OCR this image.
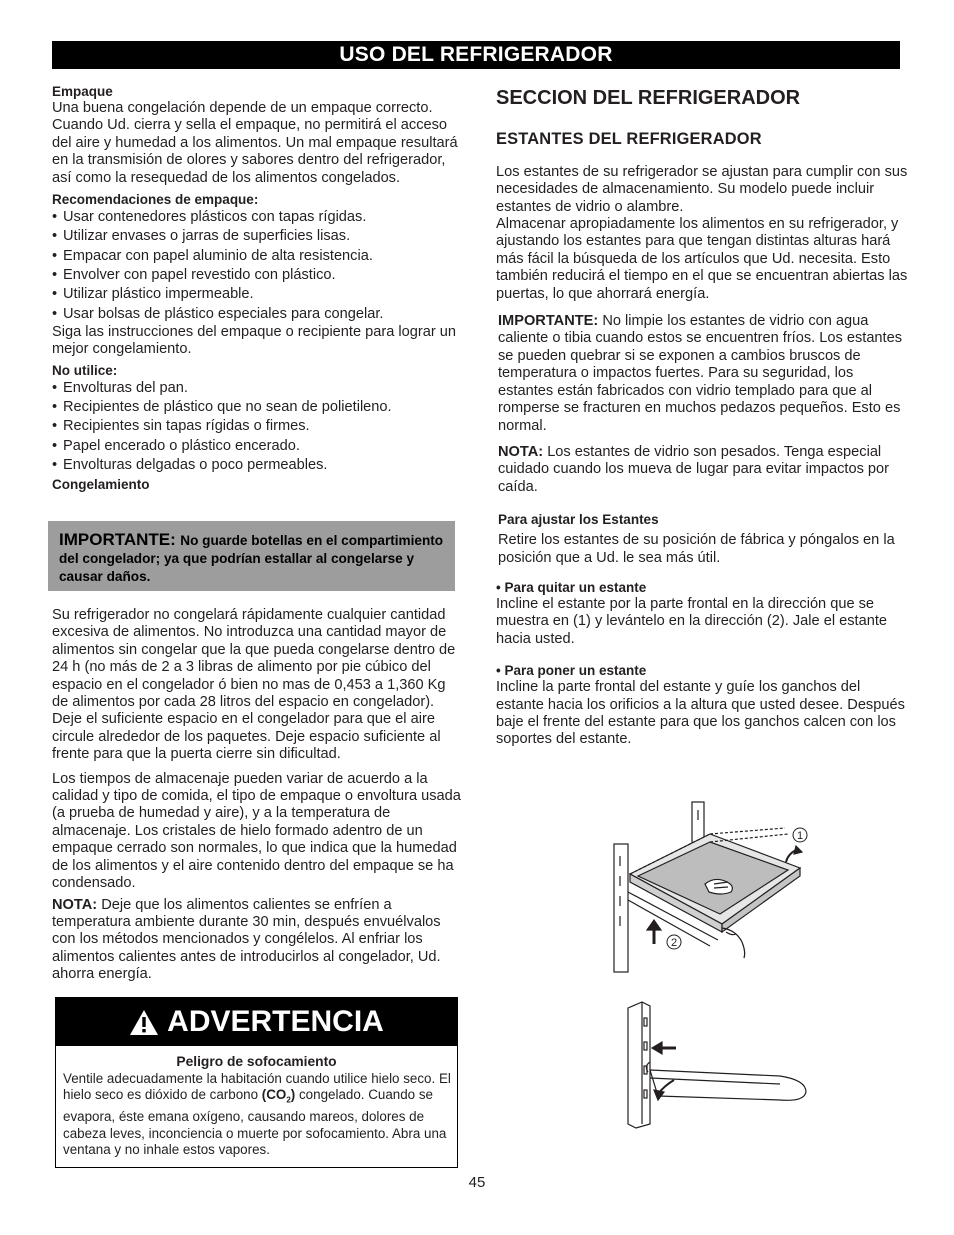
USO DEL REFRIGERADOR
Empaque

Una buena congelación depende de un empaque correcto. Cuando Ud. cierra y sella el empaque, no permitirá el acceso del aire y humedad a los alimentos. Un mal empaque resultará en la transmisión de olores y sabores dentro del refrigerador, así como la resequedad de los alimentos congelados.

Recomendaciones de empaque:
• Usar contenedores plásticos con tapas rígidas.
• Utilizar envases o jarras de superficies lisas.
• Empacar con papel aluminio de alta resistencia.
• Envolver con papel revestido con plástico.
• Utilizar plástico impermeable.
• Usar bolsas de plástico especiales para congelar.

Siga las instrucciones del empaque o recipiente para lograr un mejor congelamiento.

No utilice:
• Envolturas del pan.
• Recipientes de plástico que no sean de polietileno.
• Recipientes sin tapas rígidas o firmes.
• Papel encerado o plástico encerado.
• Envolturas delgadas o poco permeables.
Congelamiento
IMPORTANTE: No guarde botellas en el compartimiento del congelador; ya que podrían estallar al congelarse y causar daños.

Su refrigerador no congelará rápidamente cualquier cantidad excesiva de alimentos. No introduzca una cantidad mayor de alimentos sin congelar que la que pueda congelarse dentro de 24 h (no más de 2 a 3 libras de alimento por pie cúbico del espacio en el congelador ó bien no mas de 0,453 a 1,360 Kg de alimentos por cada 28 litros del espacio en congelador).

Deje el suficiente espacio en el congelador para que el aire circule alrededor de los paquetes. Deje espacio suficiente al frente para que la puerta cierre sin dificultad.

Los tiempos de almacenaje pueden variar de acuerdo a la calidad y tipo de comida, el tipo de empaque o envoltura usada (a prueba de humedad y aire), y a la temperatura de almacenaje. Los cristales de hielo formado adentro de un empaque cerrado son normales, lo que indica que la humedad de los alimentos y el aire contenido dentro del empaque se ha condensado.

NOTA: Deje que los alimentos calientes se enfríen a temperatura ambiente durante 30 min, después envuélvalos con los métodos mencionados y congélelos. Al enfriar los alimentos calientes antes de introducirlos al congelador, Ud. ahorra energía.

ADVERTENCIA
Peligro de sofocamiento
Ventile adecuadamente la habitación cuando utilice hielo seco. El hielo seco es dióxido de carbono $(CO_2)$ congelado. Cuando se evapora, éste emana oxígeno, causando mareos, dolores de cabeza leves, inconciencia o muerte por sofocamiento. Abra una ventana y no inhale estos vapores.
SECCION DEL REFRIGERADOR
ESTANTES DEL REFRIGERADOR

Los estantes de su refrigerador se ajustan para cumplir con sus necesidades de almacenamiento. Su modelo puede incluir estantes de vidrio o alambre.

Almacenar apropiadamente los alimentos en su refrigerador, y ajustando los estantes para que tengan distintas alturas hará más fácil la búsqueda de los artículos que Ud. necesita. Esto también reducirá el tiempo en el que se encuentran abiertas las puertas, lo que ahorrará energía.

IMPORTANTE: No limpie los estantes de vidrio con agua caliente o tibia cuando estos se encuentren fríos. Los estantes se pueden quebrar si se exponen a cambios bruscos de temperatura o impactos fuertes. Para su seguridad, los estantes están fabricados con vidrio templado para que al romperse se fracturen en muchos pedazos pequeños. Esto es normal.

NOTA: Los estantes de vidrio son pesados. Tenga especial cuidado cuando los mueva de lugar para evitar impactos por caída.

Para ajustar los Estantes

Retire los estantes de su posición de fábrica y póngalos en la posición que a Ud. le sea más útil.

• Para quitar un estante

Incline el estante por la parte frontal en la dirección que se muestra en (1) y levántelo en la dirección (2). Jale el estante hacia usted.

• Para poner un estante

Incline la parte frontal del estante y guíe los ganchos del estante hacia los orificios a la altura que usted desee. Después baje el frente del estante para que los ganchos calcen con los soportes del estante.

1
2
45
